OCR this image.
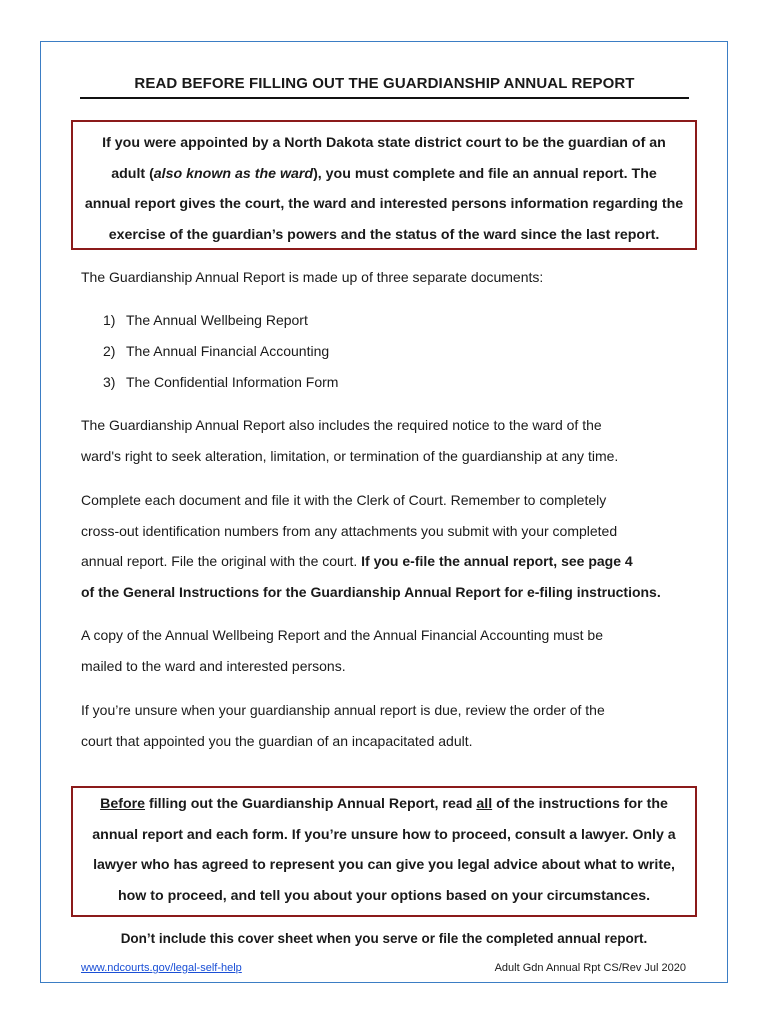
READ BEFORE FILLING OUT THE GUARDIANSHIP ANNUAL REPORT

If you were appointed by a North Dakota state district court to be the guardian of an

adult (also known as the ward), you must complete and file an annual report. The

annual report gives the court, the ward and interested persons information regarding the

exercise of the guardian’s powers and the status of the ward since the last report.

The Guardianship Annual Report is made up of three separate documents:

1) The Annual Wellbeing Report
2) The Annual Financial Accounting
3) The Confidential Information Form

The Guardianship Annual Report also includes the required notice to the ward of the

ward's right to seek alteration, limitation, or termination of the guardianship at any time.

Complete each document and file it with the Clerk of Court. Remember to completely

cross-out identification numbers from any attachments you submit with your completed

annual report. File the original with the court. If you e-file the annual report, see page 4

of the General Instructions for the Guardianship Annual Report for e-filing instructions.

A copy of the Annual Wellbeing Report and the Annual Financial Accounting must be

mailed to the ward and interested persons.

If you’re unsure when your guardianship annual report is due, review the order of the

court that appointed you the guardian of an incapacitated adult.

Before filling out the Guardianship Annual Report, read all of the instructions for the

annual report and each form. If you’re unsure how to proceed, consult a lawyer. Only a

lawyer who has agreed to represent you can give you legal advice about what to write,

how to proceed, and tell you about your options based on your circumstances.

Don’t include this cover sheet when you serve or file the completed annual report.
www.ndcourts.gov/legal-self-help	Adult Gdn Annual Rpt CS/Rev Jul 2020
